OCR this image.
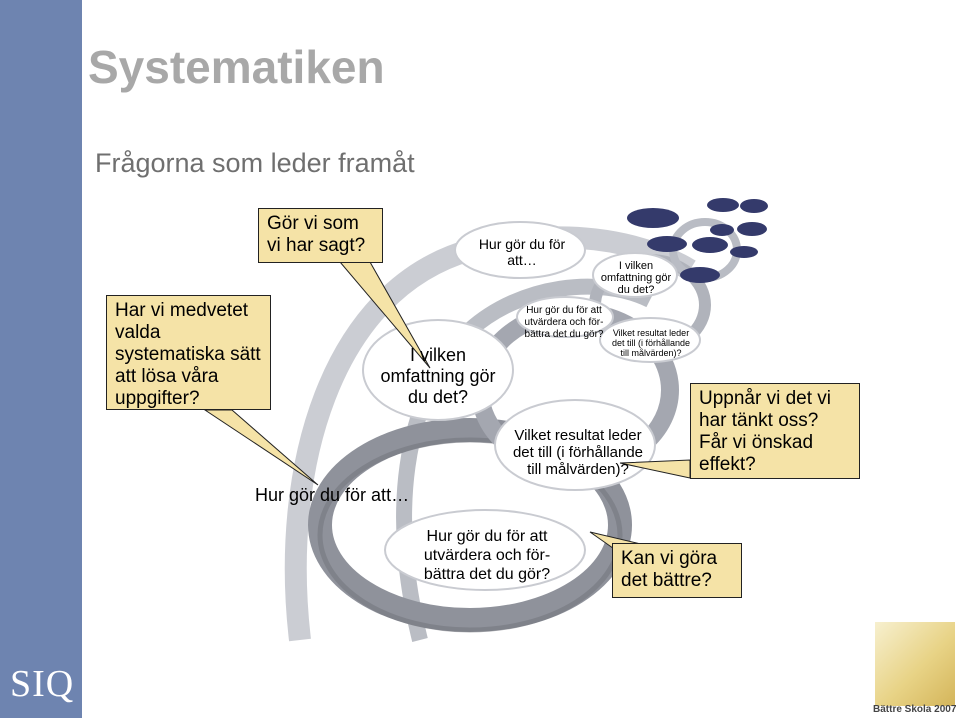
SIQ
Systematiken
Frågorna som leder framåt
Har vi medvetet valda systematiska sätt att lösa våra uppgifter?
Gör vi som vi har sagt?
Uppnår vi det vi har tänkt oss? Får vi önskad effekt?
Kan vi göra det bättre?
I vilken omfattning gör du det?
Hur gör du för att…
Hur gör du för att utvärdera och för-bättra det du gör?
Vilket resultat leder det till (i förhållande till målvärden)?
Hur gör du för att…
Hur gör du för att utvärdera och för-bättra det du gör?
I vilken omfattning gör du det?
Vilket resultat leder det till (i förhållande till målvärden)?
Bättre Skola 2007
